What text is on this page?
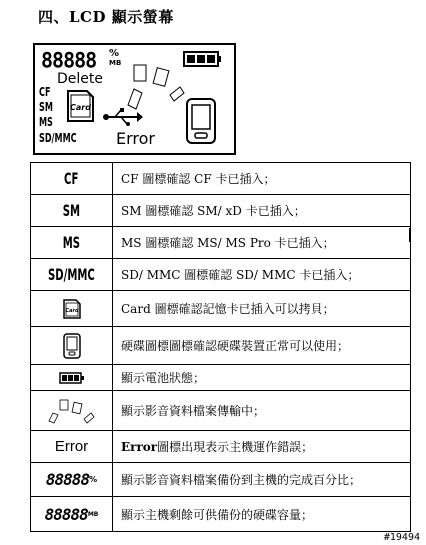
四、LCD 顯示螢幕
88888 %
MB
Delete
CF
SM
MS
SD/MMC
Card
Error
CF	CF 圖標確認 CF 卡已插入；
SM	SM 圖標確認 SM/ xD 卡已插入；
MS	MS 圖標確認 MS/ MS Pro 卡已插入；
SD/MMC SD/ MMC 圖標確認 SD/ MMC 卡已插入；
Card	Card 圖標確認記憶卡已插入可以拷貝；
硬碟圖標圖標確認硬碟裝置正常可以使用；
顯示電池狀態；
顯示影音資料檔案傳輸中；
Error	Error 圖標出現表示主機運作錯誤；
88888 % 顯示影音資料檔案備份到主機的完成百分比；
88888 MB 顯示主機剩餘可供備份的硬碟容量；
#19494
